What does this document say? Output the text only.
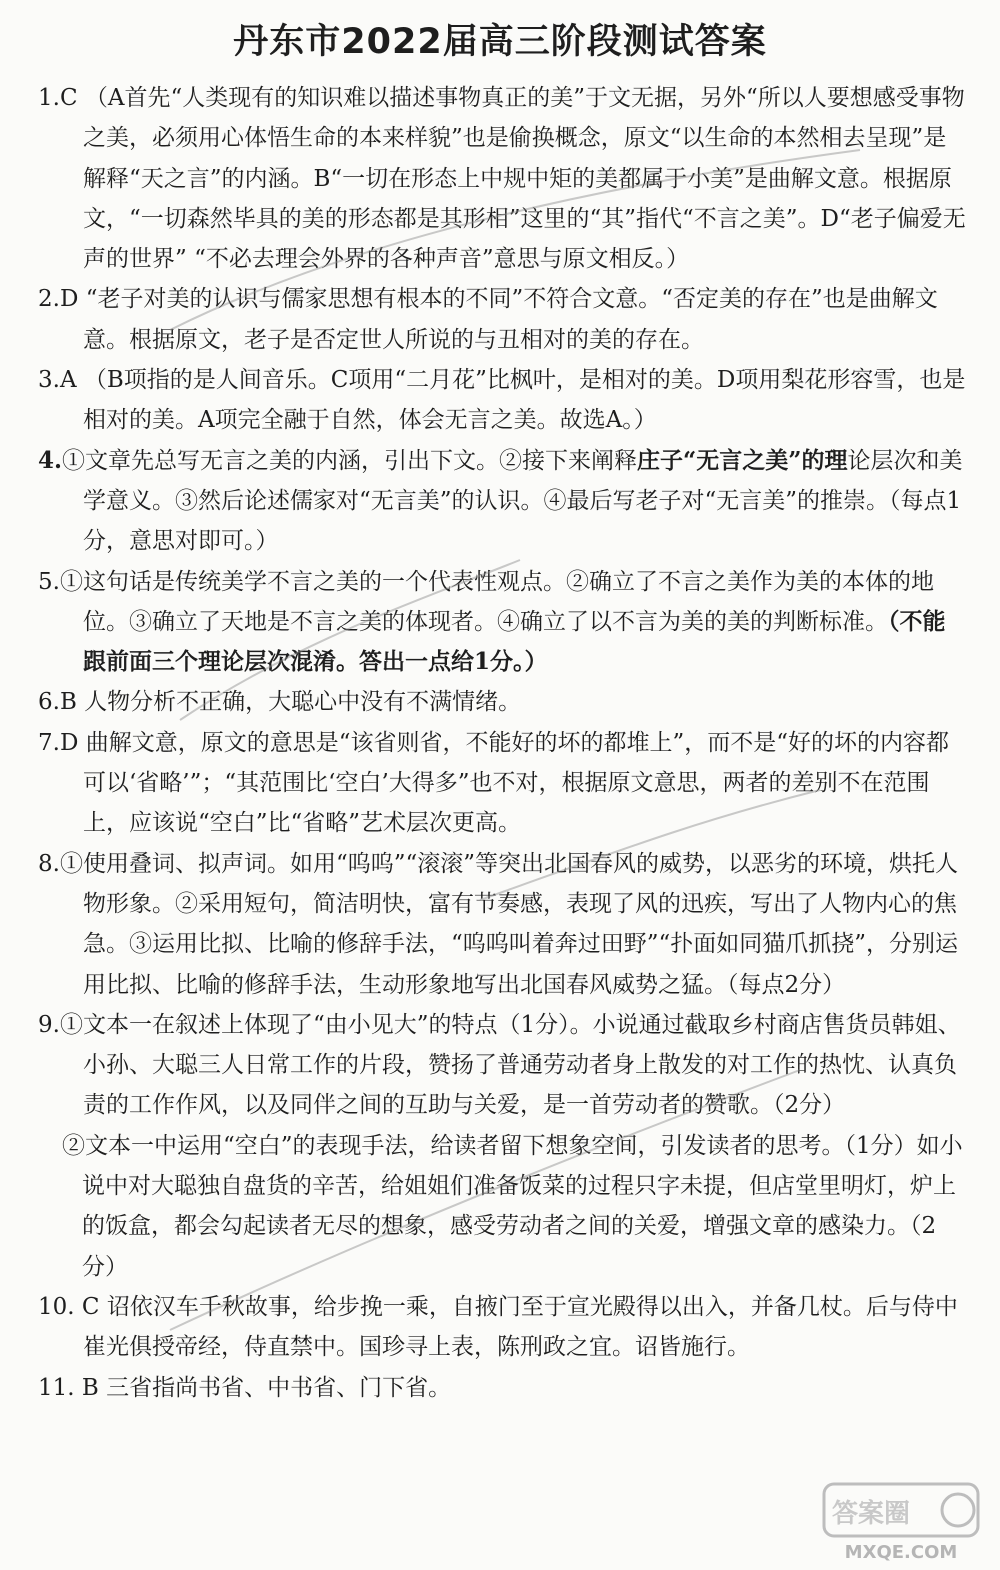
丹东市2022届高三阶段测试答案

1.C （A首先“人类现有的知识难以描述事物真正的美”于文无据，另外“所以人要想感受事物之美，必须用心体悟生命的本来样貌”也是偷换概念，原文“以生命的本然相去呈现”是解释“天之言”的内涵。B“一切在形态上中规中矩的美都属于小美”是曲解文意。根据原文，“一切森然毕具的美的形态都是其形相”这里的“其”指代“不言之美”。D“老子偏爱无声的世界” “不必去理会外界的各种声音”意思与原文相反。）

2.D “老子对美的认识与儒家思想有根本的不同”不符合文意。“否定美的存在”也是曲解文意。根据原文，老子是否定世人所说的与丑相对的美的存在。

3.A （B项指的是人间音乐。C项用“二月花”比枫叶，是相对的美。D项用梨花形容雪，也是相对的美。A项完全融于自然，体会无言之美。故选A。）

4.①文章先总写无言之美的内涵，引出下文。②接下来阐释庄子“无言之美”的理论层次和美学意义。③然后论述儒家对“无言美”的认识。④最后写老子对“无言美”的推崇。（每点1分，意思对即可。）

5.①这句话是传统美学不言之美的一个代表性观点。②确立了不言之美作为美的本体的地位。③确立了天地是不言之美的体现者。④确立了以不言为美的美的判断标准。（不能跟前面三个理论层次混淆。答出一点给1分。）

6.B 人物分析不正确，大聪心中没有不满情绪。

7.D 曲解文意，原文的意思是“该省则省，不能好的坏的都堆上”，而不是“好的坏的内容都可以‘省略’”；“其范围比‘空白’大得多”也不对，根据原文意思，两者的差别不在范围上，应该说“空白”比“省略”艺术层次更高。

8.①使用叠词、拟声词。如用“呜呜”“滚滚”等突出北国春风的威势，以恶劣的环境，烘托人物形象。②采用短句，简洁明快，富有节奏感，表现了风的迅疾，写出了人物内心的焦急。③运用比拟、比喻的修辞手法，“呜呜叫着奔过田野”“扑面如同猫爪抓挠”，分别运用比拟、比喻的修辞手法，生动形象地写出北国春风威势之猛。（每点2分）

9.①文本一在叙述上体现了“由小见大”的特点（1分）。小说通过截取乡村商店售货员韩姐、小孙、大聪三人日常工作的片段，赞扬了普通劳动者身上散发的对工作的热忱、认真负责的工作作风，以及同伴之间的互助与关爱，是一首劳动者的赞歌。（2分）

②文本一中运用“空白”的表现手法，给读者留下想象空间，引发读者的思考。（1分）如小说中对大聪独自盘货的辛苦，给姐姐们准备饭菜的过程只字未提，但店堂里明灯，炉上的饭盒，都会勾起读者无尽的想象，感受劳动者之间的关爱，增强文章的感染力。（2分）

10. C 诏依汉车千秋故事，给步挽一乘，自掖门至于宣光殿得以出入，并备几杖。后与侍中崔光俱授帝经，侍直禁中。国珍寻上表，陈刑政之宜。诏皆施行。

11. B 三省指尚书省、中书省、门下省。

答案圈
MXQE.COM
